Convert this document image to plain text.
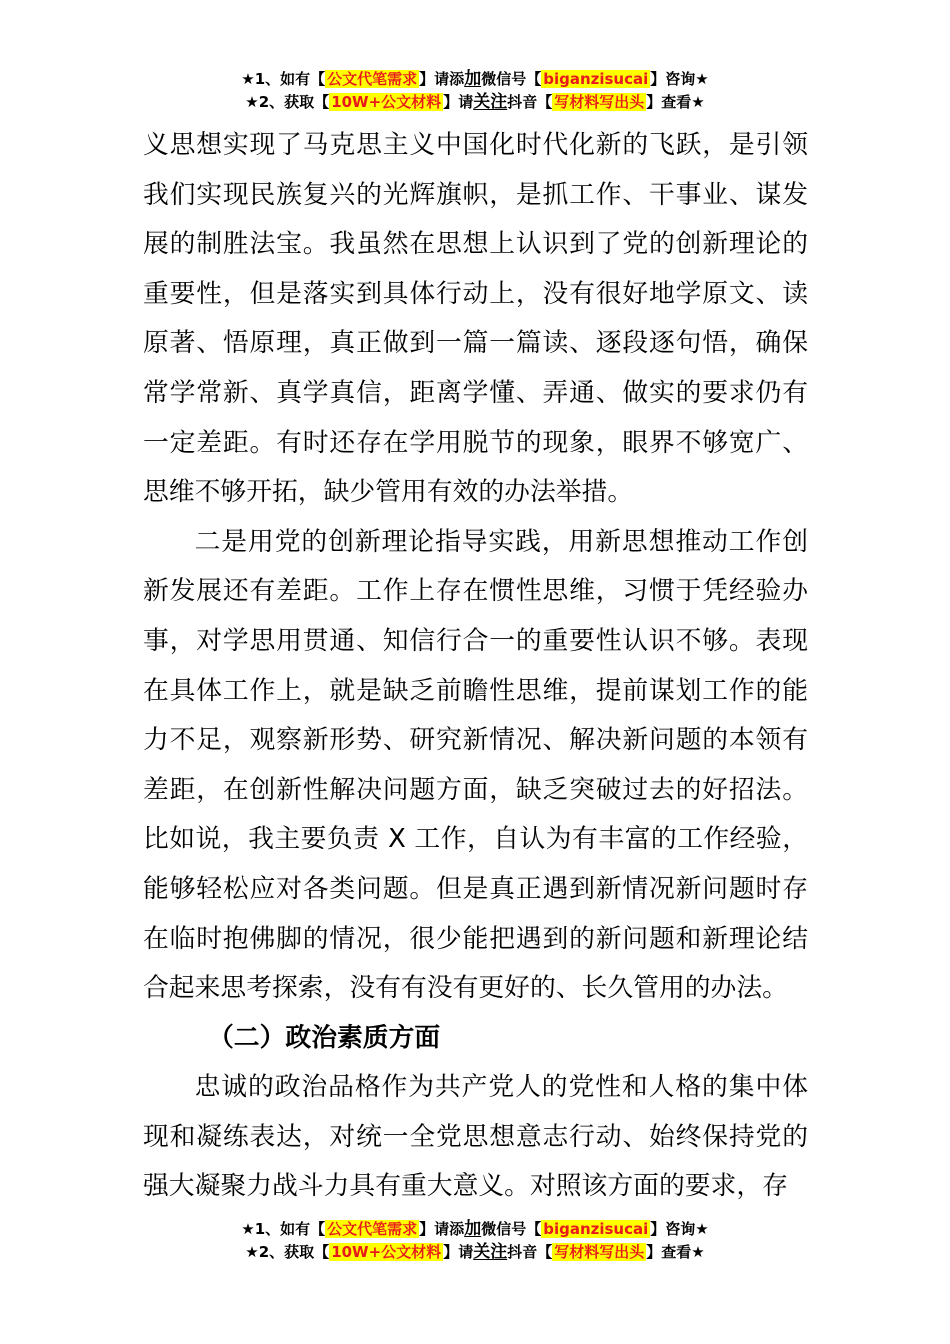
★1、如有【 公文代笔需求 】请添加微信号【 biganzisucai 】咨询★
★2、获取【 10W+公文材料 】请关注抖音【 写材料写出头 】查看★

义思想实现了马克思主义中国化时代化新的飞跃，是引领我们实现民族复兴的光辉旗帜，是抓工作、干事业、谋发展的制胜法宝。我虽然在思想上认识到了党的创新理论的重要性，但是落实到具体行动上，没有很好地学原文、读原著、悟原理，真正做到一篇一篇读、逐段逐句悟，确保常学常新、真学真信，距离学懂、弄通、做实的要求仍有一定差距。有时还存在学用脱节的现象，眼界不够宽广、思维不够开拓，缺少管用有效的办法举措。

二是用党的创新理论指导实践，用新思想推动工作创新发展还有差距。工作上存在惯性思维，习惯于凭经验办事，对学思用贯通、知信行合一的重要性认识不够。表现在具体工作上，就是缺乏前瞻性思维，提前谋划工作的能力不足，观察新形势、研究新情况、解决新问题的本领有差距，在创新性解决问题方面，缺乏突破过去的好招法。比如说，我主要负责 X 工作，自认为有丰富的工作经验，能够轻松应对各类问题。但是真正遇到新情况新问题时存在临时抱佛脚的情况，很少能把遇到的新问题和新理论结合起来思考探索，没有有没有更好的、长久管用的办法。

（二）政治素质方面

忠诚的政治品格作为共产党人的党性和人格的集中体现和凝练表达，对统一全党思想意志行动、始终保持党的强大凝聚力战斗力具有重大意义。对照该方面的要求，存

★1、如有【 公文代笔需求 】请添加微信号【 biganzisucai 】咨询★
★2、获取【 10W+公文材料 】请关注抖音【 写材料写出头 】查看★
